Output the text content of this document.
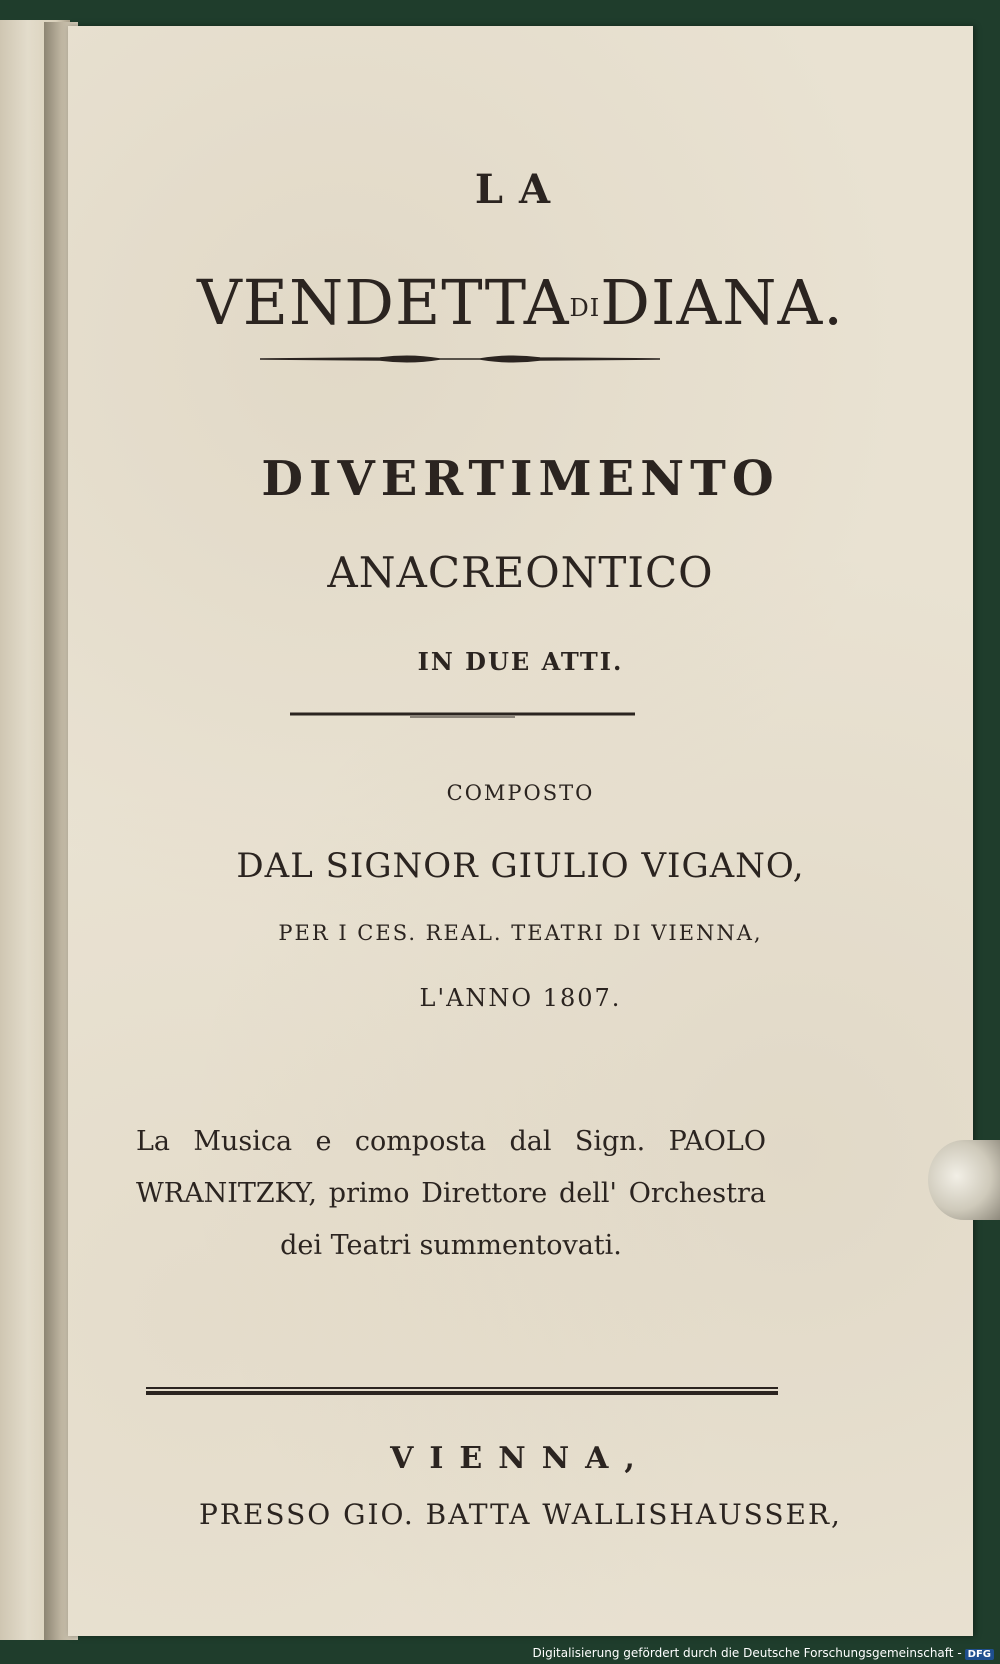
LA
VENDETTADIDIANA.
DIVERTIMENTO
ANACREONTICO
IN DUE ATTI.
COMPOSTO
DAL SIGNOR GIULIO VIGANO,
PER I CES. REAL. TEATRI DI VIENNA,
L'ANNO 1807.
La Musica e composta dal Sign. PAOLO WRANITZKY, primo Direttore dell' Orchestra dei Teatri summentovati.
VIENNA,
PRESSO GIO. BATTA WALLISHAUSSER,
Digitalisierung gefördert durch die Deutsche Forschungsgemeinschaft - DFG
